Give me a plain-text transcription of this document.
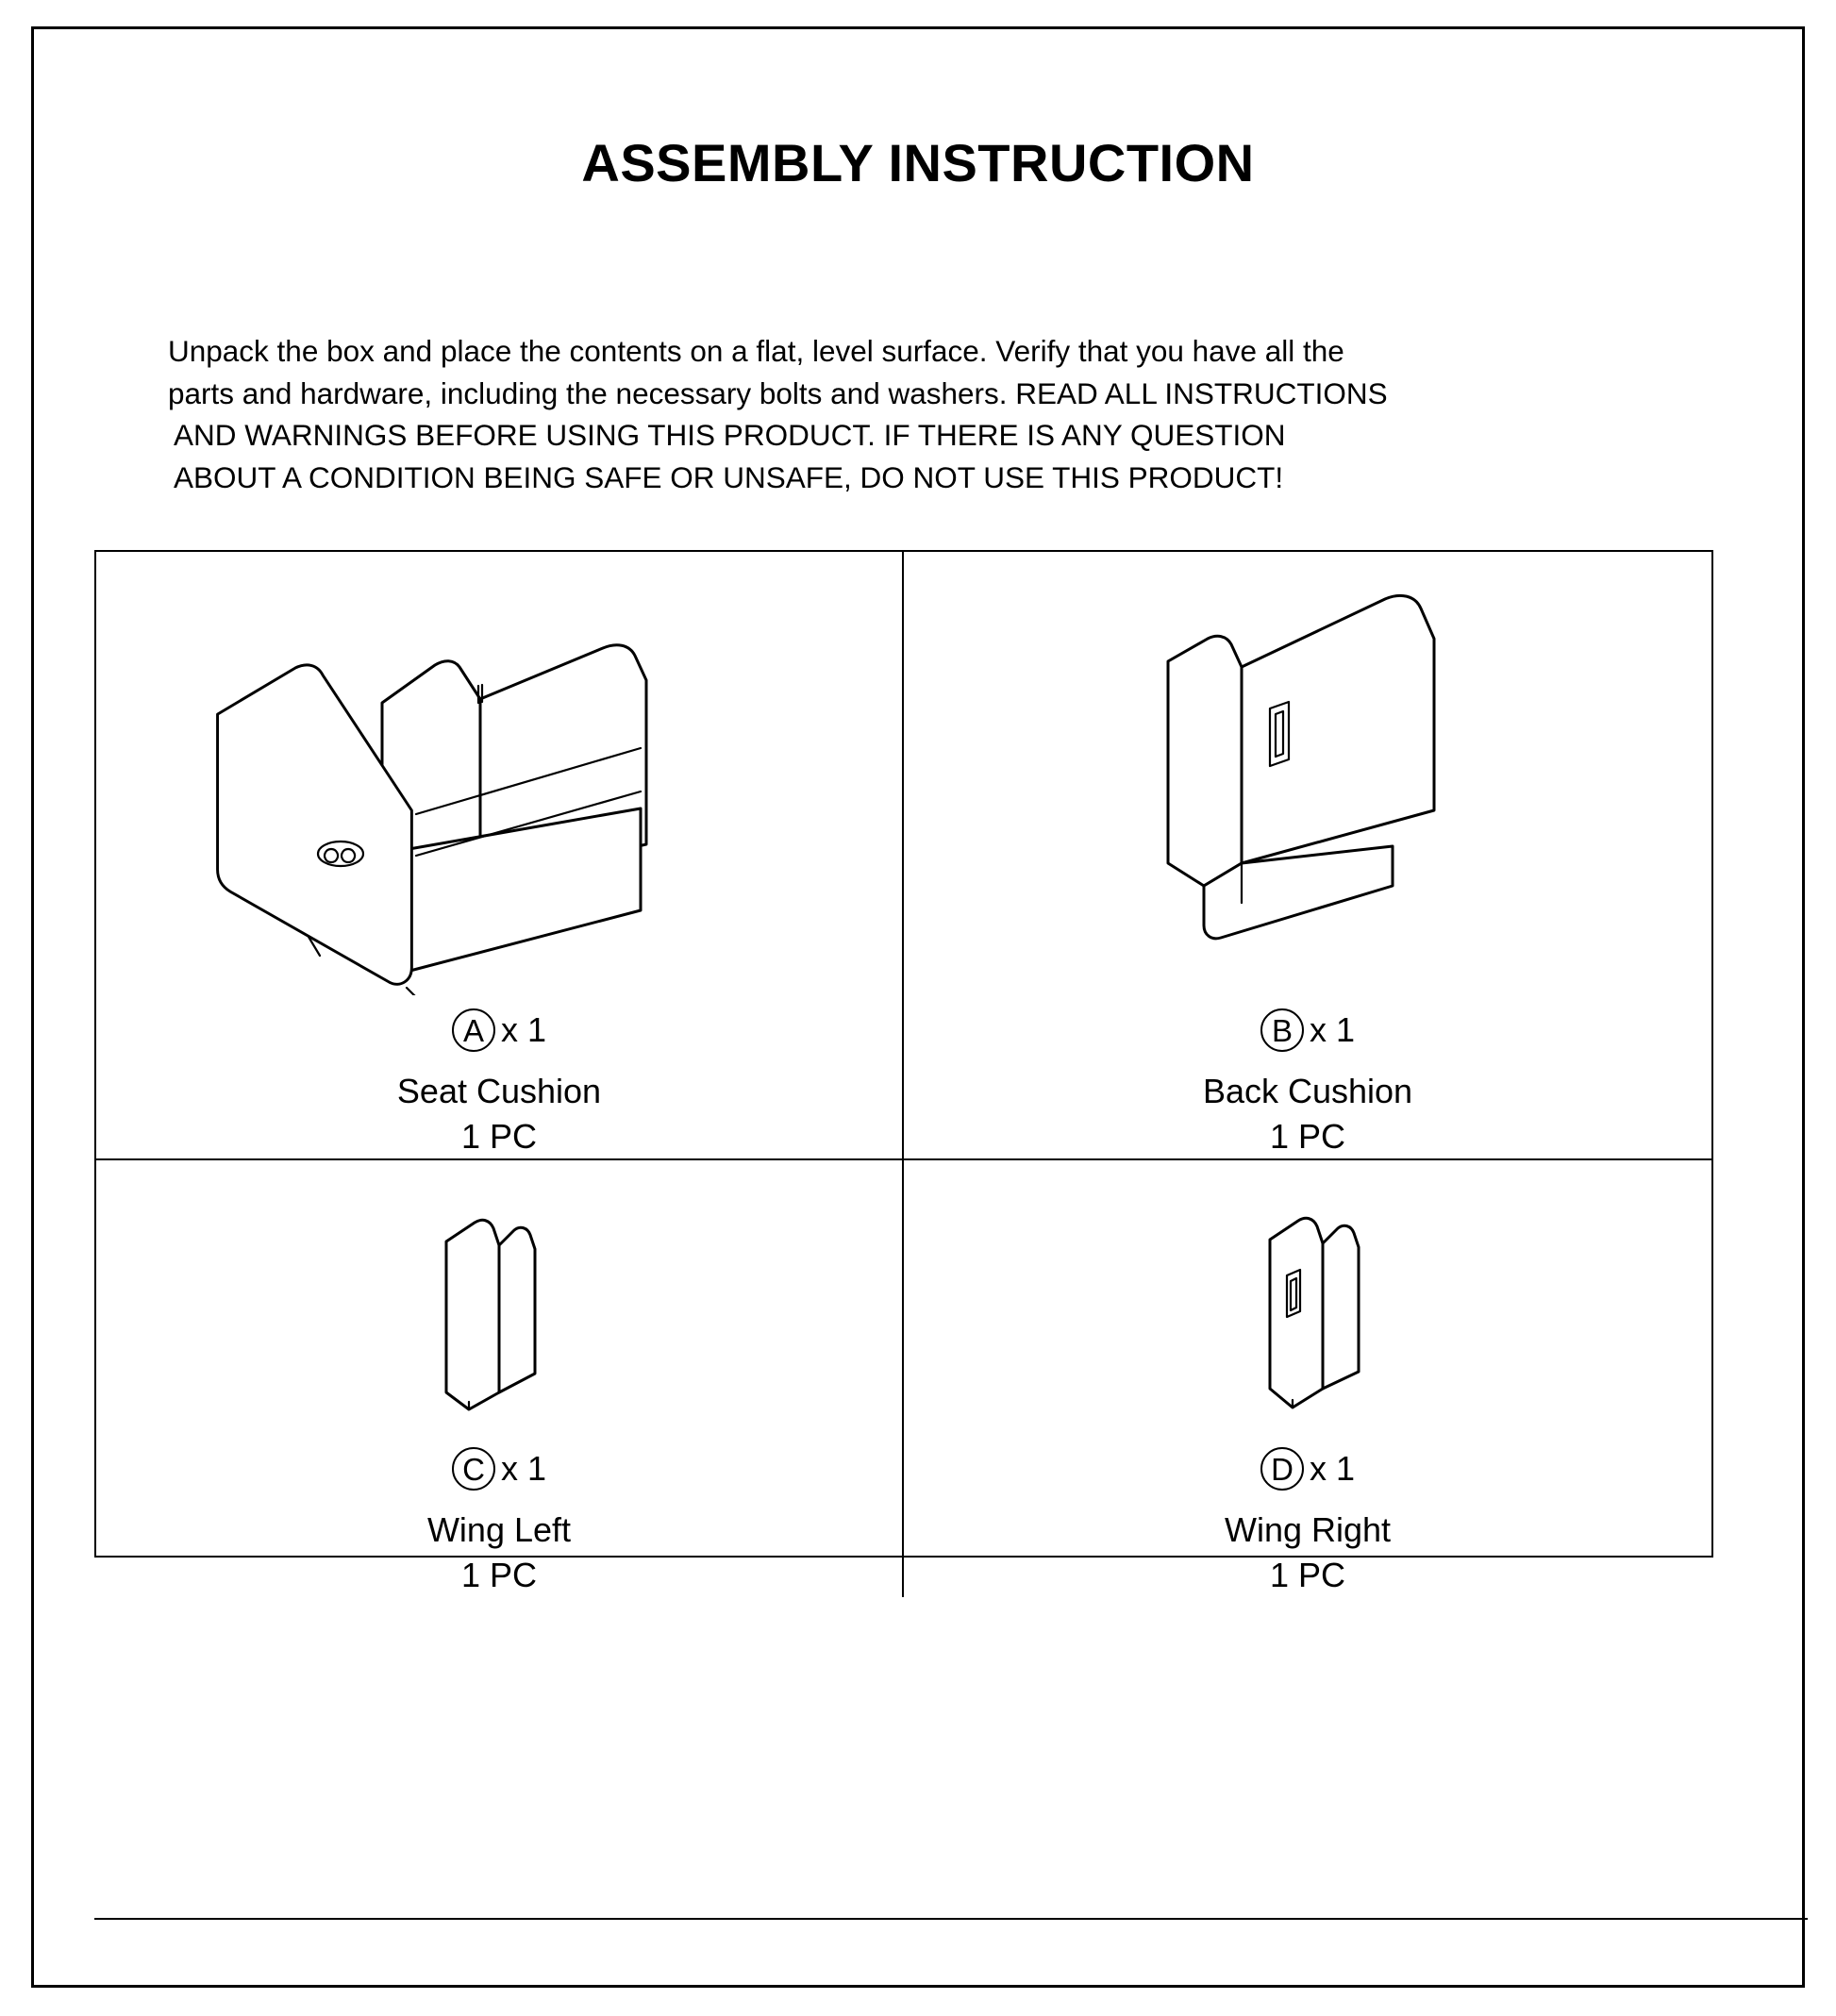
ASSEMBLY INSTRUCTION
Unpack the box and place the contents on a flat, level surface. Verify that you have all the
parts and hardware, including the necessary bolts and washers. READ ALL INSTRUCTIONS
AND WARNINGS BEFORE USING THIS PRODUCT. IF THERE IS ANY QUESTION
ABOUT A CONDITION BEING SAFE OR UNSAFE, DO NOT USE THIS PRODUCT!
A x 1
Seat Cushion
1 PC
B x 1
Back Cushion
1 PC
C x 1
Wing Left
1 PC
D x 1
Wing Right
1 PC
